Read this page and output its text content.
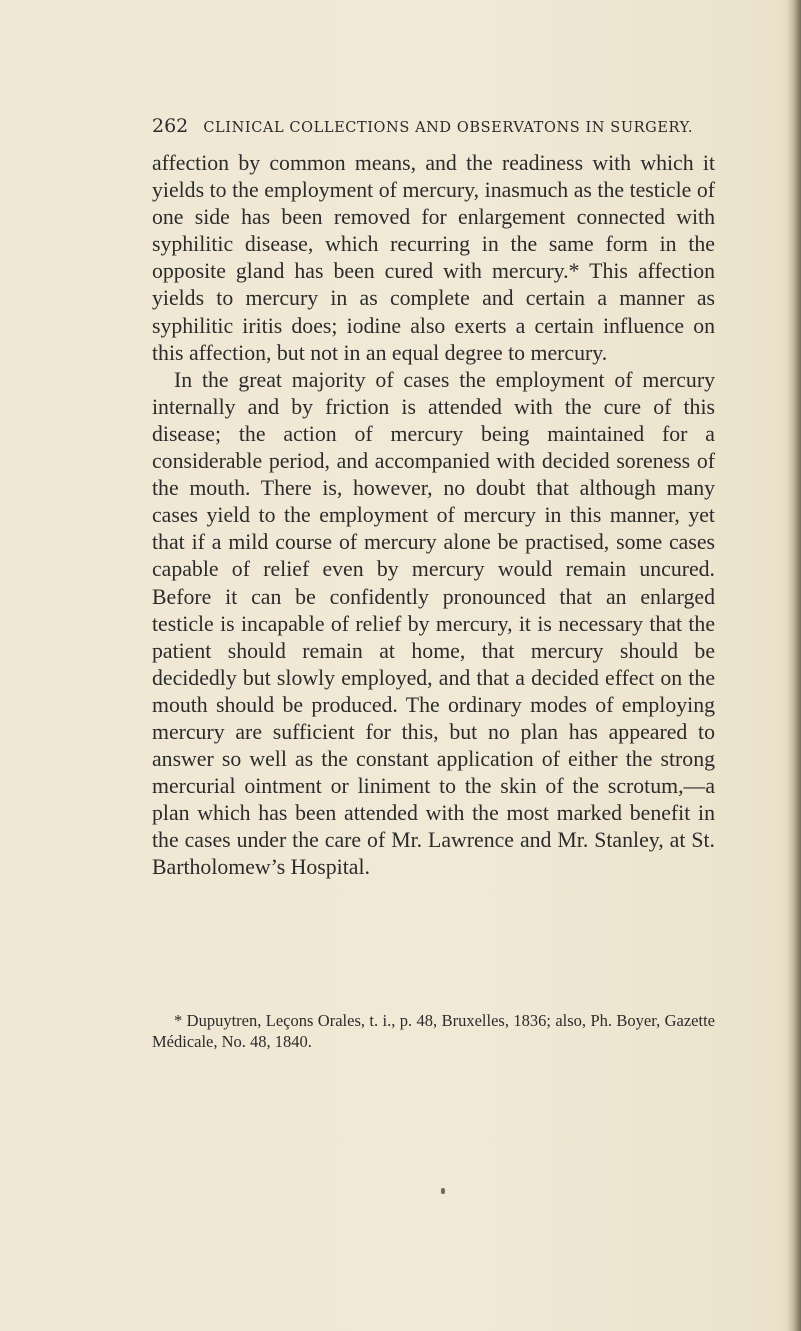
262 CLINICAL COLLECTIONS AND OBSERVATONS IN SURGERY.

affection by common means, and the readiness with which it yields to the employment of mercury, inasmuch as the testicle of one side has been removed for enlargement connected with syphilitic disease, which recurring in the same form in the opposite gland has been cured with mercury.* This affection yields to mercury in as complete and certain a manner as syphilitic iritis does; iodine also exerts a certain influence on this affection, but not in an equal degree to mercury.

In the great majority of cases the employment of mercury internally and by friction is attended with the cure of this disease; the action of mercury being maintained for a considerable period, and accompanied with decided soreness of the mouth. There is, however, no doubt that although many cases yield to the employment of mercury in this manner, yet that if a mild course of mercury alone be practised, some cases capable of relief even by mercury would remain uncured. Before it can be confidently pronounced that an enlarged testicle is incapable of relief by mercury, it is necessary that the patient should remain at home, that mercury should be decidedly but slowly employed, and that a decided effect on the mouth should be produced. The ordinary modes of employing mercury are sufficient for this, but no plan has appeared to answer so well as the constant application of either the strong mercurial ointment or liniment to the skin of the scrotum,—a plan which has been attended with the most marked benefit in the cases under the care of Mr. Lawrence and Mr. Stanley, at St. Bartholomew’s Hospital.

* Dupuytren, Leçons Orales, t. i., p. 48, Bruxelles, 1836; also, Ph. Boyer, Gazette Médicale, No. 48, 1840.
